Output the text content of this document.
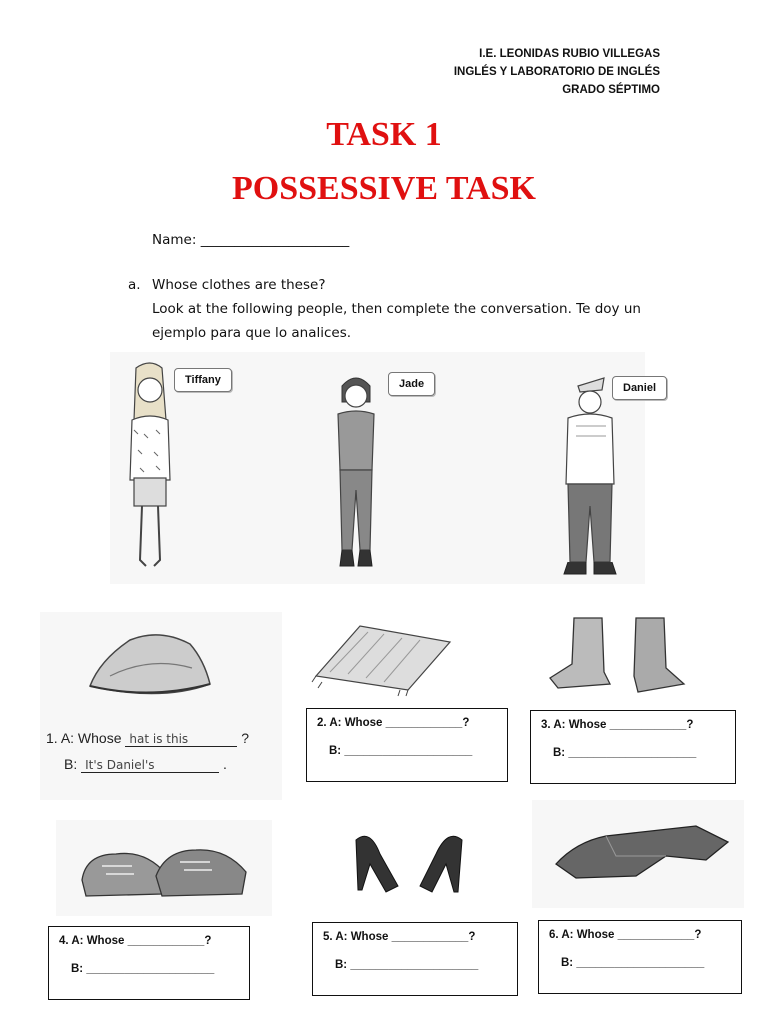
I.E. LEONIDAS RUBIO VILLEGAS
INGLÉS Y LABORATORIO DE INGLÉS
GRADO SÉPTIMO
TASK 1
POSSESSIVE TASK
Name: ______________________
a. Whose clothes are these?
Look at the following people, then complete the conversation. Te doy un
ejemplo para que lo analices.
Tiffany	Jade	Daniel
1. A: Whose hat is this	?
B: It's Daniel's	.
2. A: Whose ____________?
B: ____________________
3. A: Whose ____________?
B: ____________________
4. A: Whose ____________?
B: ____________________
5. A: Whose ____________?
B: ____________________
6. A: Whose ____________?
B: ____________________
